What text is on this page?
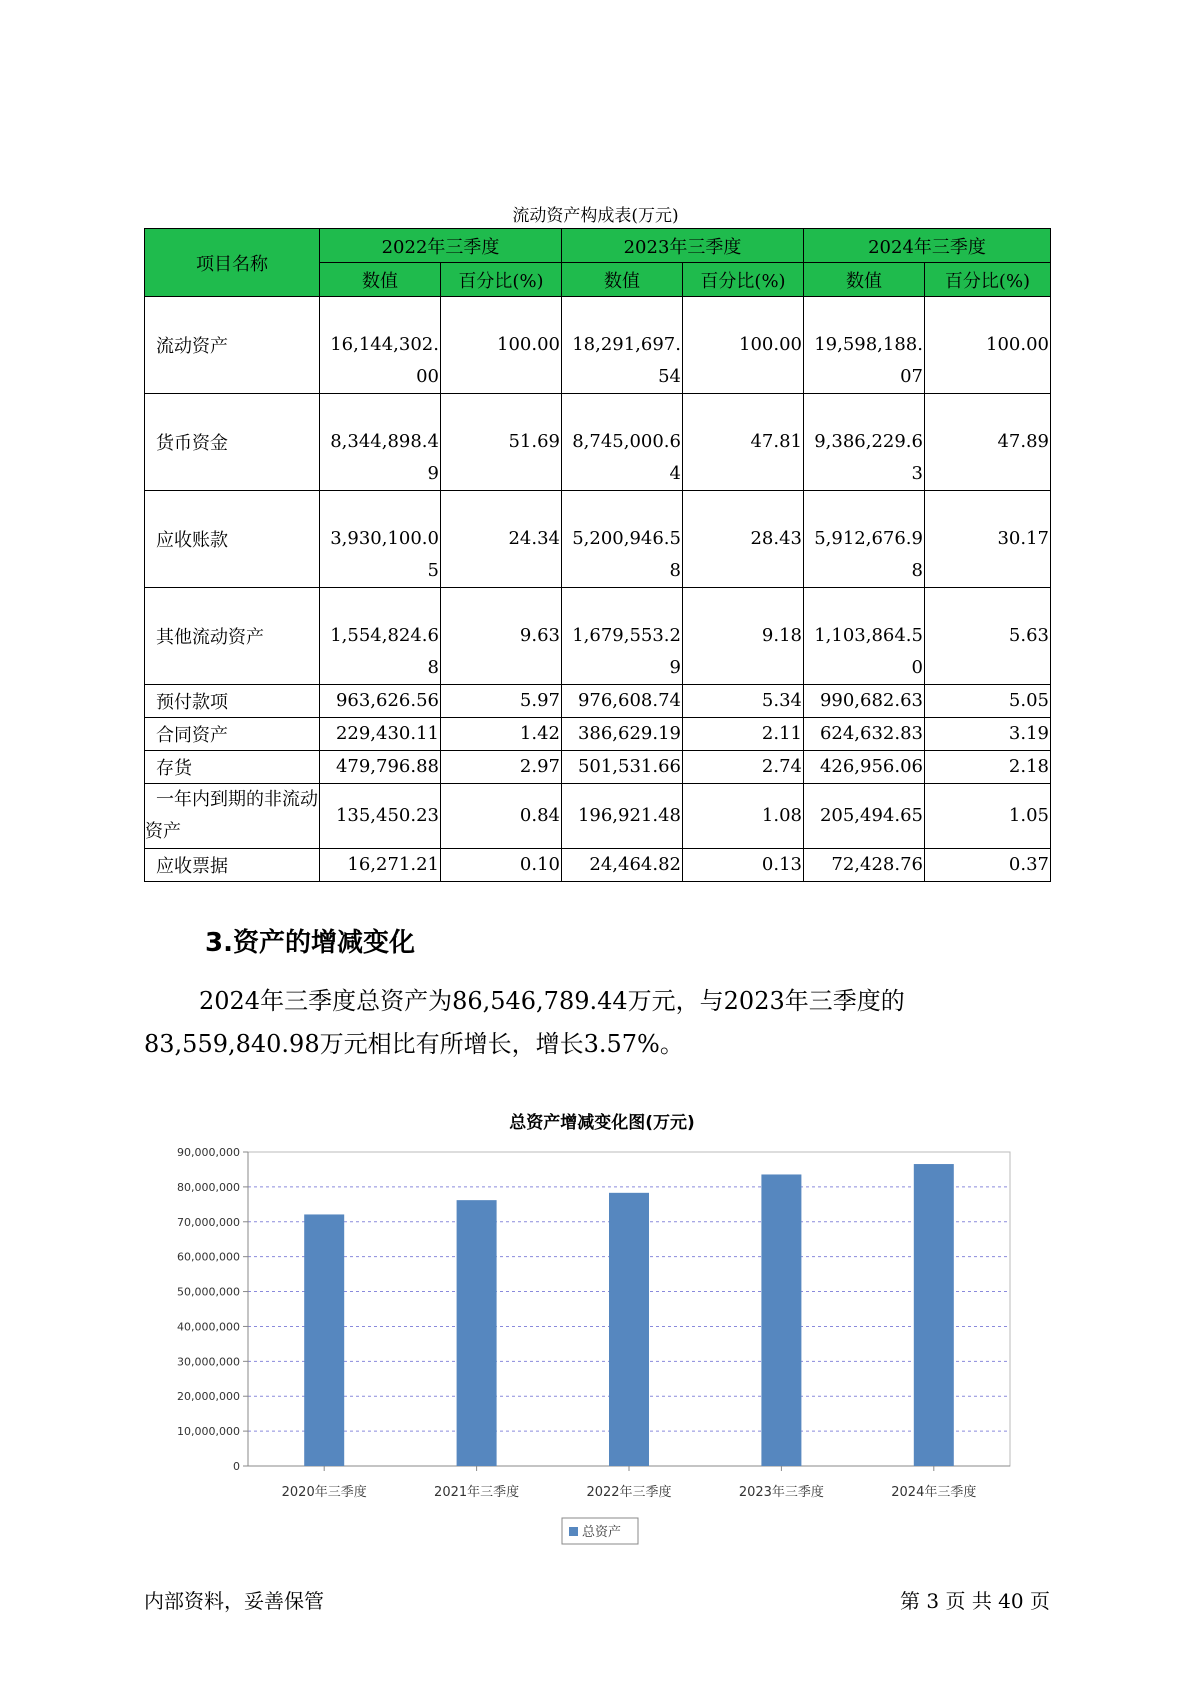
流动资产构成表(万元)
项目名称	2022年三季度		2023年三季度		2024年三季度	
	数值	百分比(%)	数值	百分比(%)	数值	百分比(%)
流动资产	16,144,302.00	100.00	18,291,697.54	100.00	19,598,188.07	100.00
货币资金	8,344,898.49	51.69	8,745,000.64	47.81	9,386,229.63	47.89
应收账款	3,930,100.05	24.34	5,200,946.58	28.43	5,912,676.98	30.17
其他流动资产	1,554,824.68	9.63	1,679,553.29	9.18	1,103,864.50	5.63
预付款项	963,626.56	5.97	976,608.74	5.34	990,682.63	5.05
合同资产	229,430.11	1.42	386,629.19	2.11	624,632.83	3.19
存货	479,796.88	2.97	501,531.66	2.74	426,956.06	2.18
一年内到期的非流动资产	135,450.23	0.84	196,921.48	1.08	205,494.65	1.05
应收票据	16,271.21	0.10	24,464.82	0.13	72,428.76	0.37
3.资产的增减变化
2024年三季度总资产为86,546,789.44万元，与2023年三季度的83,559,840.98万元相比有所增长，增长3.57%。
总资产增减变化图(万元)
0
10,000,000
20,000,000
30,000,000
40,000,000
50,000,000
60,000,000
70,000,000
80,000,000
90,000,000
2020年三季度	2021年三季度	2022年三季度	2023年三季度	2024年三季度
总资产
内部资料，妥善保管	第 3 页 共 40 页
